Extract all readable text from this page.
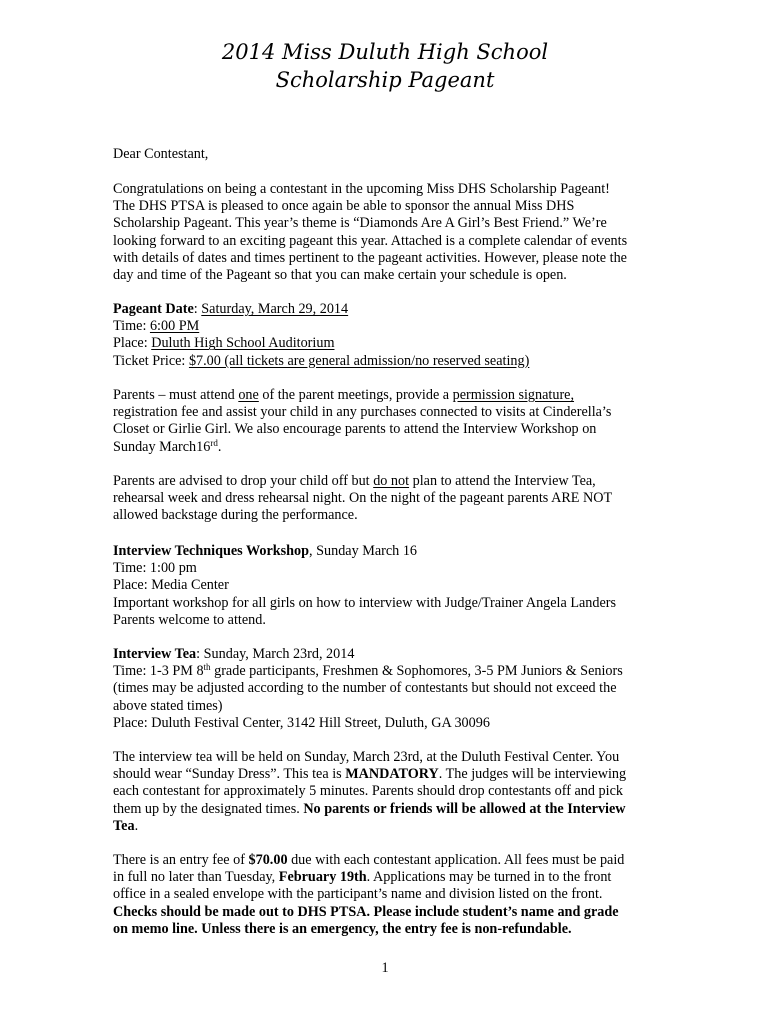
2014 Miss Duluth High School
Scholarship Pageant
Dear Contestant,
Congratulations on being a contestant in the upcoming Miss DHS Scholarship Pageant!
The DHS PTSA is pleased to once again be able to sponsor the annual Miss DHS
Scholarship Pageant. This year’s theme is “Diamonds Are A Girl’s Best Friend.” We’re
looking forward to an exciting pageant this year. Attached is a complete calendar of events
with details of dates and times pertinent to the pageant activities. However, please note the
day and time of the Pageant so that you can make certain your schedule is open.
Pageant Date: Saturday, March 29, 2014
Time: 6:00 PM
Place: Duluth High School Auditorium
Ticket Price: $7.00 (all tickets are general admission/no reserved seating)
Parents – must attend one of the parent meetings, provide a permission signature,
registration fee and assist your child in any purchases connected to visits at Cinderella’s
Closet or Girlie Girl. We also encourage parents to attend the Interview Workshop on
Sunday March16rd.
Parents are advised to drop your child off but do not plan to attend the Interview Tea,
rehearsal week and dress rehearsal night. On the night of the pageant parents ARE NOT
allowed backstage during the performance.
Interview Techniques Workshop, Sunday March 16
Time: 1:00 pm
Place: Media Center
Important workshop for all girls on how to interview with Judge/Trainer Angela Landers
Parents welcome to attend.
Interview Tea: Sunday, March 23rd, 2014
Time: 1-3 PM 8th grade participants, Freshmen & Sophomores, 3-5 PM Juniors & Seniors
(times may be adjusted according to the number of contestants but should not exceed the
above stated times)
Place: Duluth Festival Center, 3142 Hill Street, Duluth, GA 30096
The interview tea will be held on Sunday, March 23rd, at the Duluth Festival Center. You
should wear “Sunday Dress”. This tea is MANDATORY. The judges will be interviewing
each contestant for approximately 5 minutes. Parents should drop contestants off and pick
them up by the designated times. No parents or friends will be allowed at the Interview
Tea.
There is an entry fee of $70.00 due with each contestant application. All fees must be paid
in full no later than Tuesday, February 19th. Applications may be turned in to the front
office in a sealed envelope with the participant’s name and division listed on the front.
Checks should be made out to DHS PTSA. Please include student’s name and grade
on memo line. Unless there is an emergency, the entry fee is non-refundable.
1
